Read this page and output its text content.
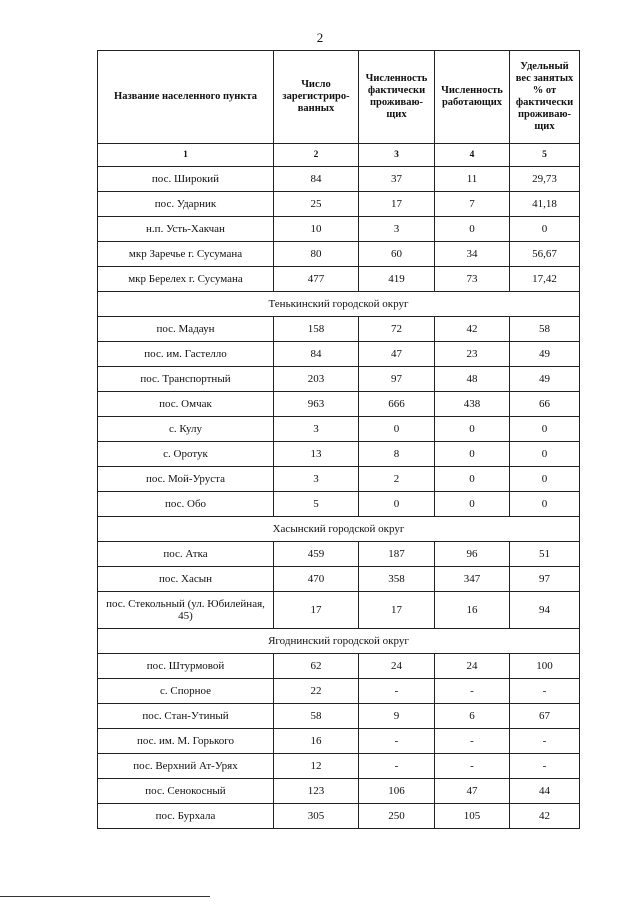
2
Название населенного пункта	Число зарегистриро-ванных	Численность фактически проживаю-щих	Численность работающих	Удельный вес занятых % от фактически проживаю-щих
1	2	3	4	5
пос. Широкий	84	37	11	29,73
пос. Ударник	25	17	7	41,18
н.п. Усть-Хакчан	10	3	0	0
мкр Заречье г. Сусумана	80	60	34	56,67
мкр Берелех г. Сусумана	477	419	73	17,42
Тенькинский городской округ				
пос. Мадаун	158	72	42	58
пос. им. Гастелло	84	47	23	49
пос. Транспортный	203	97	48	49
пос. Омчак	963	666	438	66
с. Кулу	3	0	0	0
с. Оротук	13	8	0	0
пос. Мой-Уруста	3	2	0	0
пос. Обо	5	0	0	0
Хасынский городской округ				
пос. Атка	459	187	96	51
пос. Хасын	470	358	347	97
пос. Стекольный (ул. Юбилейная, 45)	17	17	16	94
Ягоднинский городской округ				
пос. Штурмовой	62	24	24	100
с. Спорное	22	-	-	-
пос. Стан-Утиный	58	9	6	67
пос. им. М. Горького	16	-	-	-
пос. Верхний Ат-Урях	12	-	-	-
пос. Сенокосный	123	106	47	44
пос. Бурхала	305	250	105	42
